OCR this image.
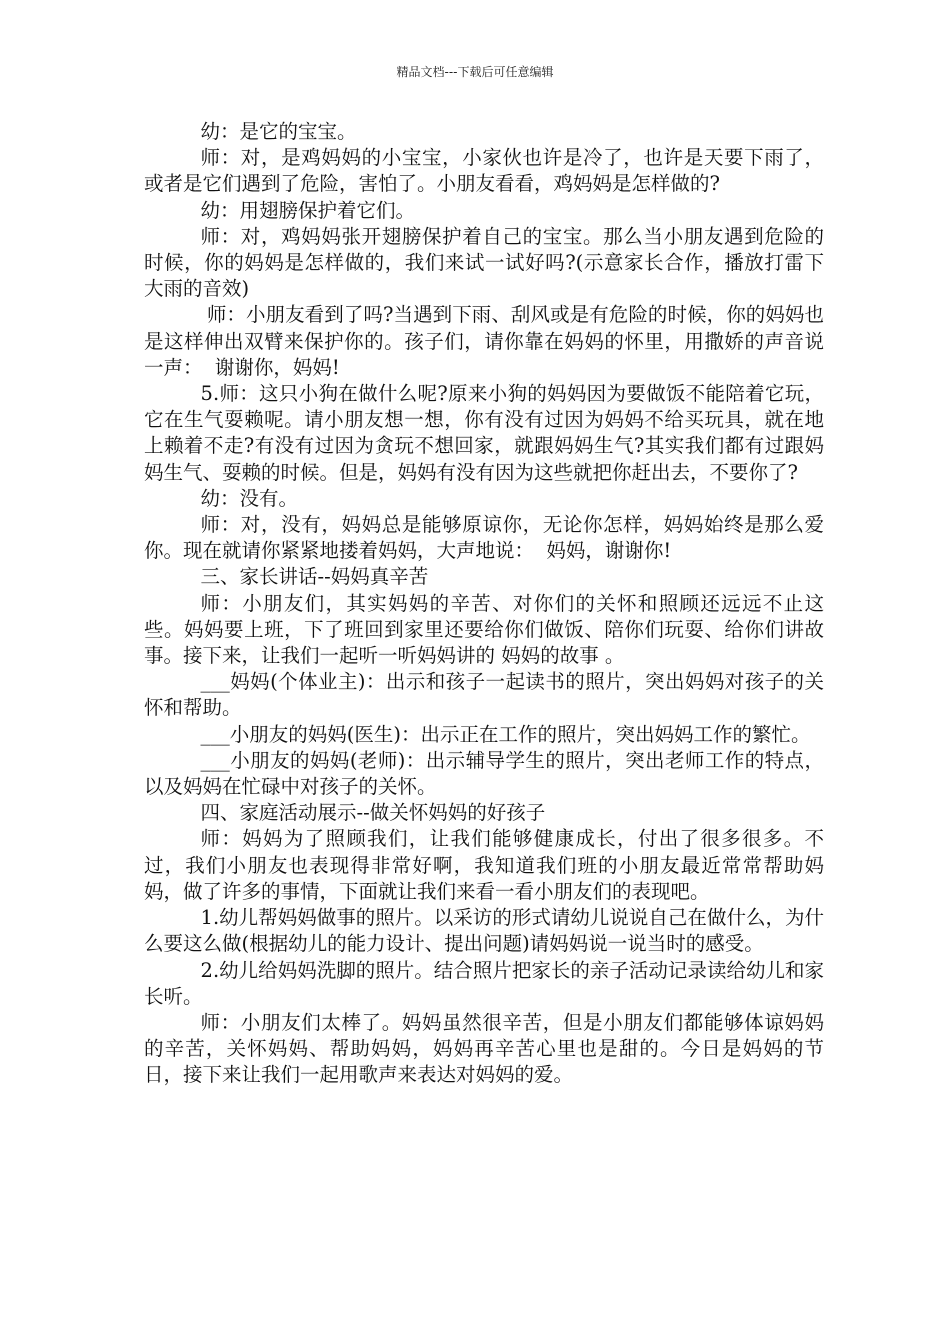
精品文档---下载后可任意编辑

幼：是它的宝宝。

师：对，是鸡妈妈的小宝宝，小家伙也许是冷了，也许是天要下雨了，或者是它们遇到了危险，害怕了。小朋友看看，鸡妈妈是怎样做的?

幼：用翅膀保护着它们。

师：对，鸡妈妈张开翅膀保护着自己的宝宝。那么当小朋友遇到危险的时候，你的妈妈是怎样做的，我们来试一试好吗?(示意家长合作，播放打雷下大雨的音效)

师：小朋友看到了吗?当遇到下雨、刮风或是有危险的时候，你的妈妈也是这样伸出双臂来保护你的。孩子们，请你靠在妈妈的怀里，用撒娇的声音说一声：  谢谢你，妈妈!

5.师：这只小狗在做什么呢?原来小狗的妈妈因为要做饭不能陪着它玩，它在生气耍赖呢。请小朋友想一想，你有没有过因为妈妈不给买玩具，就在地上赖着不走?有没有过因为贪玩不想回家，就跟妈妈生气?其实我们都有过跟妈妈生气、耍赖的时候。但是，妈妈有没有因为这些就把你赶出去，不要你了?

幼：没有。

师：对，没有，妈妈总是能够原谅你，无论你怎样，妈妈始终是那么爱你。现在就请你紧紧地搂着妈妈，大声地说：  妈妈，谢谢你!

三、家长讲话--妈妈真辛苦

师：小朋友们，其实妈妈的辛苦、对你们的关怀和照顾还远远不止这些。妈妈要上班，下了班回到家里还要给你们做饭、陪你们玩耍、给你们讲故事。接下来，让我们一起听一听妈妈讲的 妈妈的故事 。

___妈妈(个体业主)：出示和孩子一起读书的照片，突出妈妈对孩子的关怀和帮助。

___小朋友的妈妈(医生)：出示正在工作的照片，突出妈妈工作的繁忙。

___小朋友的妈妈(老师)：出示辅导学生的照片，突出老师工作的特点，以及妈妈在忙碌中对孩子的关怀。

四、家庭活动展示--做关怀妈妈的好孩子

师：妈妈为了照顾我们，让我们能够健康成长，付出了很多很多。不过，我们小朋友也表现得非常好啊，我知道我们班的小朋友最近常常帮助妈妈，做了许多的事情，下面就让我们来看一看小朋友们的表现吧。

1.幼儿帮妈妈做事的照片。以采访的形式请幼儿说说自己在做什么，为什么要这么做(根据幼儿的能力设计、提出问题)请妈妈说一说当时的感受。

2.幼儿给妈妈洗脚的照片。结合照片把家长的亲子活动记录读给幼儿和家长听。

师：小朋友们太棒了。妈妈虽然很辛苦，但是小朋友们都能够体谅妈妈的辛苦，关怀妈妈、帮助妈妈，妈妈再辛苦心里也是甜的。今日是妈妈的节日，接下来让我们一起用歌声来表达对妈妈的爱。
